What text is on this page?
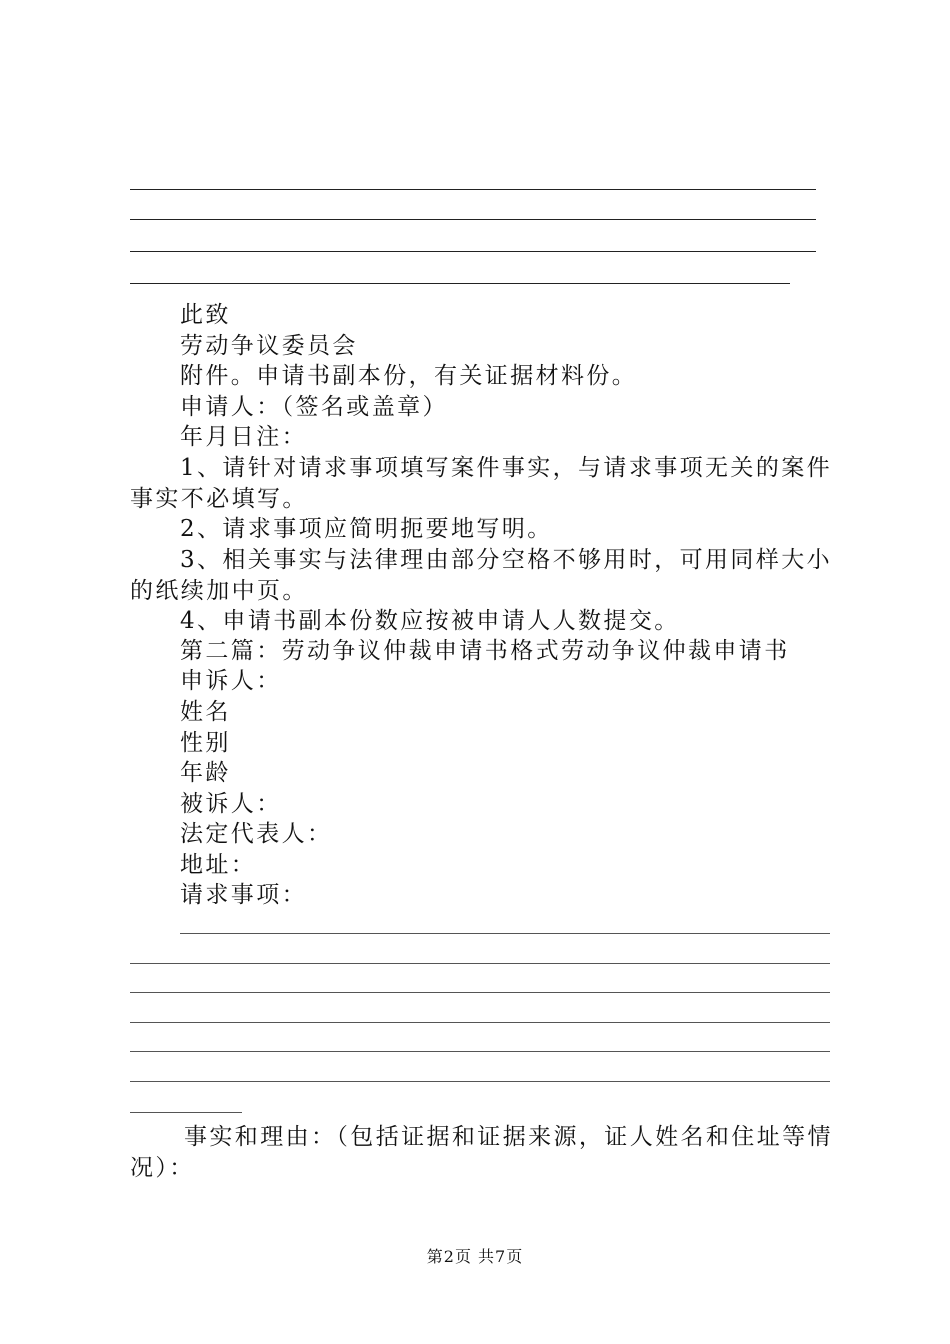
此致
劳动争议委员会
附件。申请书副本份，有关证据材料份。
申请人：（签名或盖章）
年月日注：
1、请针对请求事项填写案件事实，与请求事项无关的案件事实不必填写。
2、请求事项应简明扼要地写明。
3、相关事实与法律理由部分空格不够用时，可用同样大小的纸续加中页。
4、申请书副本份数应按被申请人人数提交。
第二篇：劳动争议仲裁申请书格式劳动争议仲裁申请书
申诉人：
姓名
性别
年龄
被诉人：
法定代表人：
地址：
请求事项：
事实和理由：（包括证据和证据来源，证人姓名和住址等情况）：
第2页 共7页
